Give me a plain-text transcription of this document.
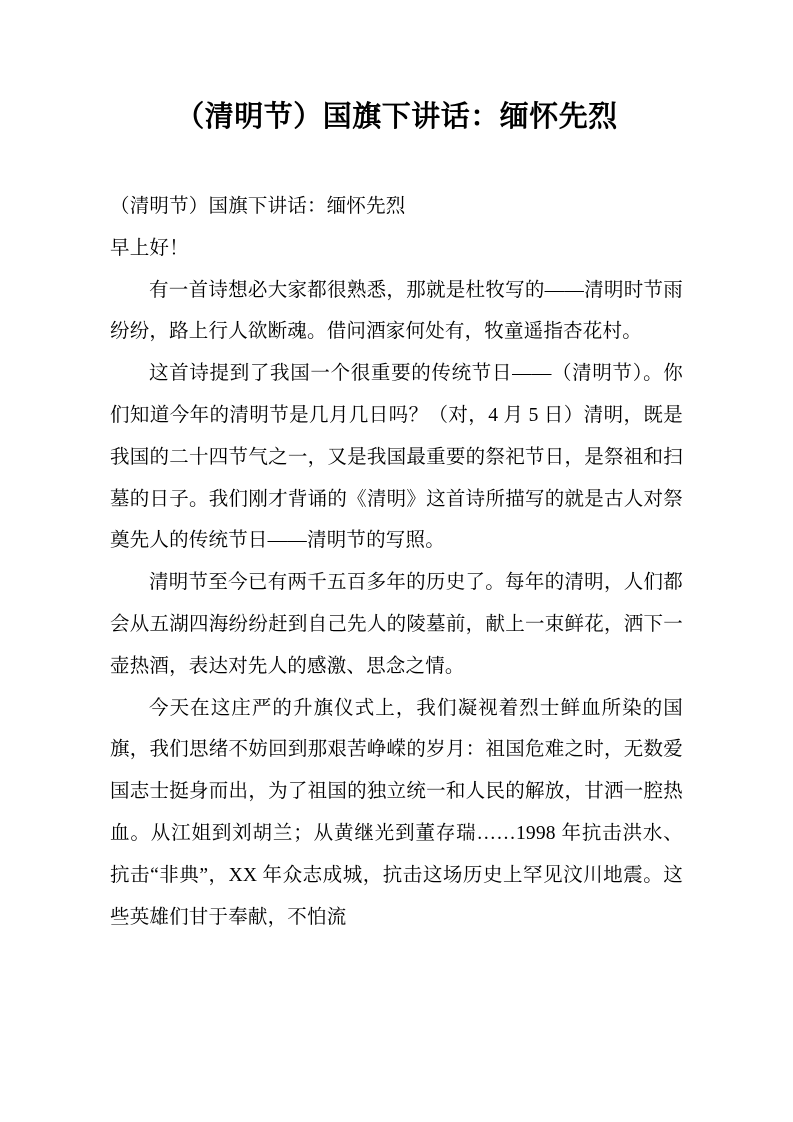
（清明节）国旗下讲话：缅怀先烈

（清明节）国旗下讲话：缅怀先烈

早上好！

有一首诗想必大家都很熟悉，那就是杜牧写的——清明时节雨纷纷，路上行人欲断魂。借问酒家何处有，牧童遥指杏花村。

这首诗提到了我国一个很重要的传统节日——（清明节）。你们知道今年的清明节是几月几日吗？（对，4 月 5 日）清明，既是我国的二十四节气之一，又是我国最重要的祭祀节日，是祭祖和扫墓的日子。我们刚才背诵的《清明》这首诗所描写的就是古人对祭奠先人的传统节日——清明节的写照。

清明节至今已有两千五百多年的历史了。每年的清明，人们都会从五湖四海纷纷赶到自己先人的陵墓前，献上一束鲜花，洒下一壶热酒，表达对先人的感激、思念之情。

今天在这庄严的升旗仪式上，我们凝视着烈士鲜血所染的国旗，我们思绪不妨回到那艰苦峥嵘的岁月：祖国危难之时，无数爱国志士挺身而出，为了祖国的独立统一和人民的解放，甘洒一腔热血。从江姐到刘胡兰；从黄继光到董存瑞……1998 年抗击洪水、抗击“非典”，XX 年众志成城，抗击这场历史上罕见汶川地震。这些英雄们甘于奉献，不怕流
